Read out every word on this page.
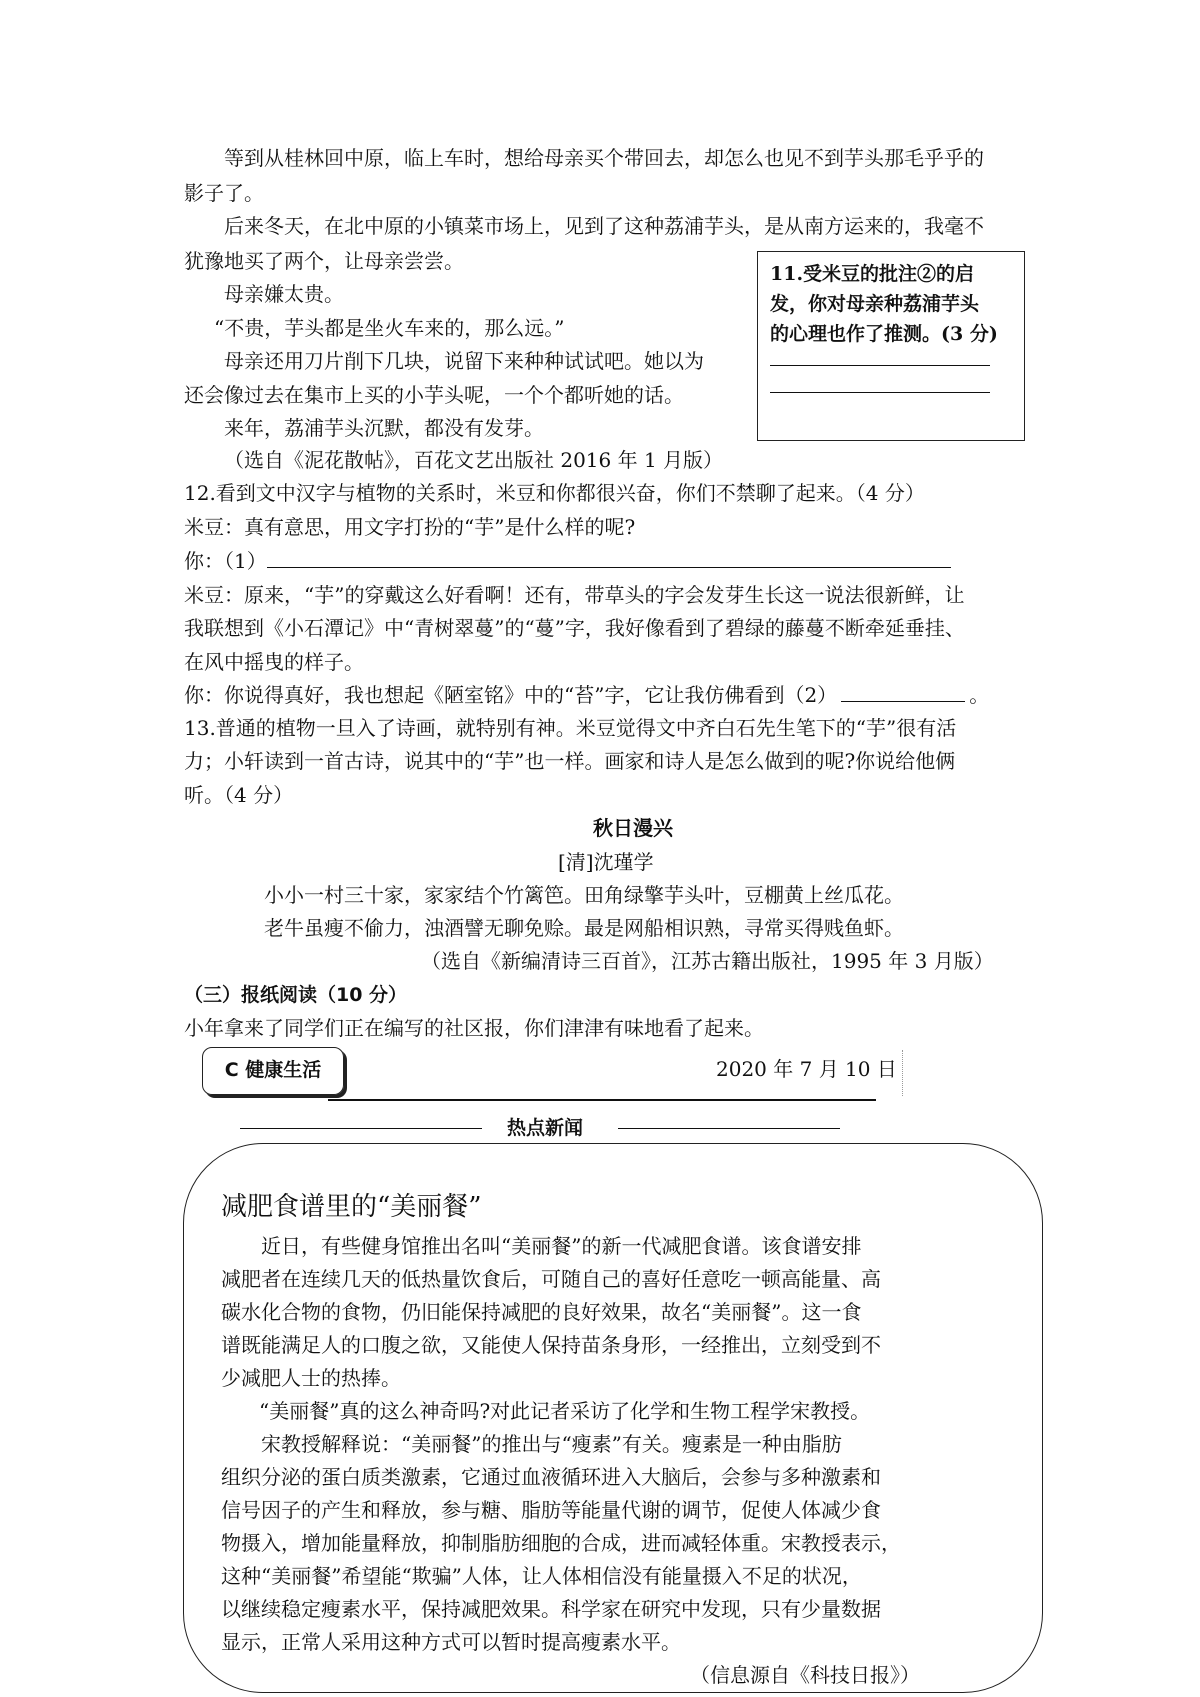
等到从桂林回中原，临上车时，想给母亲买个带回去，却怎么也见不到芋头那毛乎乎的
影子了。
后来冬天，在北中原的小镇菜市场上，见到了这种荔浦芋头，是从南方运来的，我毫不
犹豫地买了两个，让母亲尝尝。
母亲嫌太贵。
“不贵，芋头都是坐火车来的，那么远。”
母亲还用刀片削下几块，说留下来种种试试吧。她以为
还会像过去在集市上买的小芋头呢，一个个都听她的话。
来年，荔浦芋头沉默，都没有发芽。
（选自《泥花散帖》，百花文艺出版社 2016 年 1 月版）
11.受米豆的批注②的启
发，你对母亲种荔浦芋头
的心理也作了推测。(3 分)
12.看到文中汉字与植物的关系时，米豆和你都很兴奋，你们不禁聊了起来。（4 分）
米豆：真有意思，用文字打扮的“芋”是什么样的呢?
你：（1）
米豆：原来，“芋”的穿戴这么好看啊！还有，带草头的字会发芽生长这一说法很新鲜，让
我联想到《小石潭记》中“青树翠蔓”的“蔓”字，我好像看到了碧绿的藤蔓不断牵延垂挂、
在风中摇曳的样子。
你：你说得真好，我也想起《陋室铭》中的“苔”字，它让我仿佛看到（2）	。
13.普通的植物一旦入了诗画，就特别有神。米豆觉得文中齐白石先生笔下的“芋”很有活
力；小轩读到一首古诗，说其中的“芋”也一样。画家和诗人是怎么做到的呢?你说给他俩
听。（4 分）
秋日漫兴
[清]沈瑾学
小小一村三十家，家家结个竹篱笆。田角绿擎芋头叶，豆棚黄上丝瓜花。
老牛虽瘦不偷力，浊酒譬无聊免赊。最是网船相识熟，寻常买得贱鱼虾。
（选自《新编清诗三百首》，江苏古籍出版社，1995 年 3 月版）
（三）报纸阅读（10 分）
小年拿来了同学们正在编写的社区报，你们津津有味地看了起来。
C 健康生活	2020 年 7 月 10 日
热点新闻
减肥食谱里的“美丽餐”
近日，有些健身馆推出名叫“美丽餐”的新一代减肥食谱。该食谱安排
减肥者在连续几天的低热量饮食后，可随自己的喜好任意吃一顿高能量、高
碳水化合物的食物，仍旧能保持减肥的良好效果，故名“美丽餐”。这一食
谱既能满足人的口腹之欲，又能使人保持苗条身形，一经推出，立刻受到不
少减肥人士的热捧。
“美丽餐”真的这么神奇吗?对此记者采访了化学和生物工程学宋教授。
宋教授解释说：“美丽餐”的推出与“瘦素”有关。瘦素是一种由脂肪
组织分泌的蛋白质类激素，它通过血液循环进入大脑后，会参与多种激素和
信号因子的产生和释放，参与糖、脂肪等能量代谢的调节，促使人体减少食
物摄入，增加能量释放，抑制脂肪细胞的合成，进而减轻体重。宋教授表示，
这种“美丽餐”希望能“欺骗”人体，让人体相信没有能量摄入不足的状况，
以继续稳定瘦素水平，保持减肥效果。科学家在研究中发现，只有少量数据
显示，正常人采用这种方式可以暂时提高瘦素水平。
（信息源自《科技日报》）
